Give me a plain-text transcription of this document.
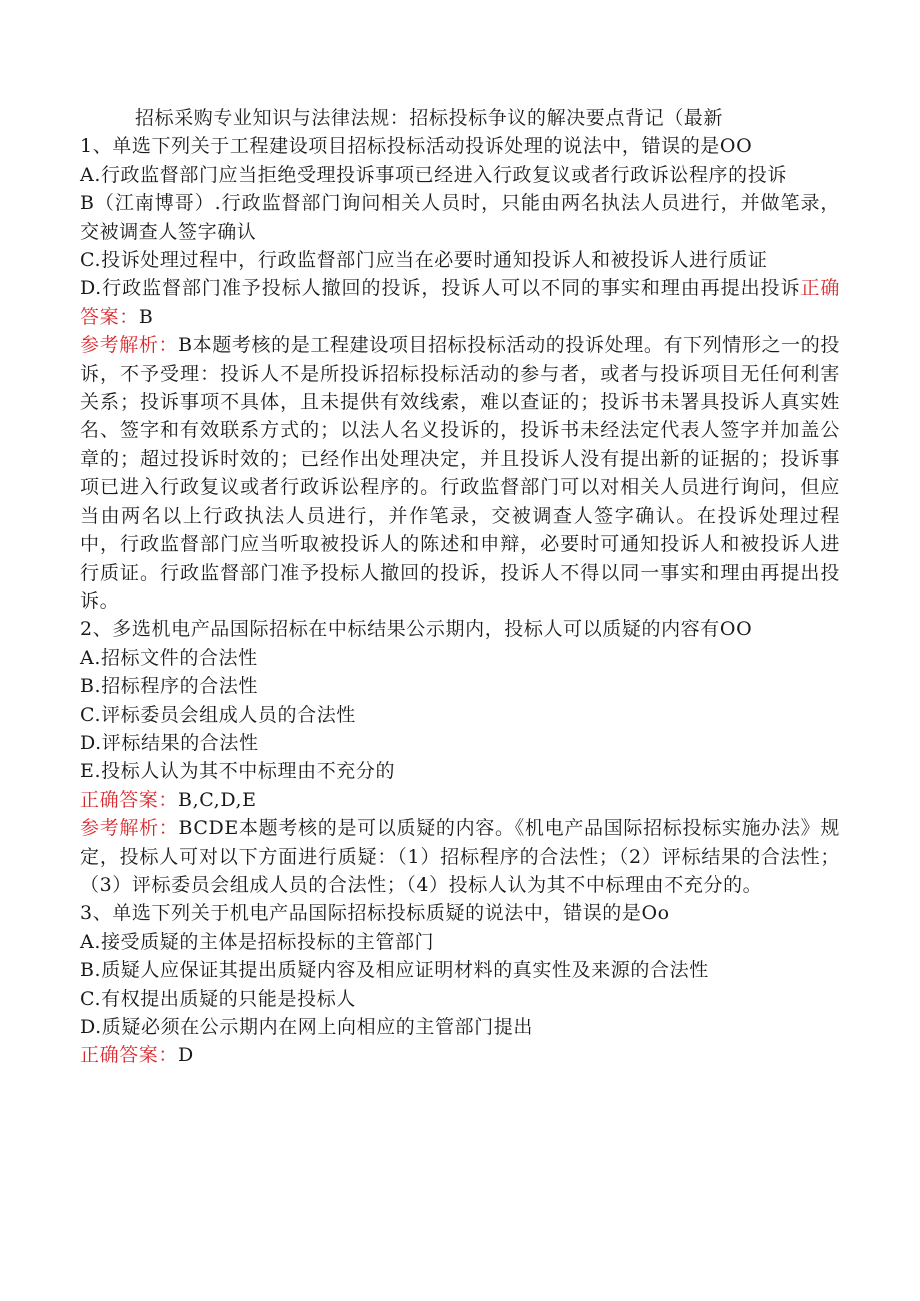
招标采购专业知识与法律法规：招标投标争议的解决要点背记（最新

1、单选下列关于工程建设项目招标投标活动投诉处理的说法中，错误的是OO

A.行政监督部门应当拒绝受理投诉事项已经进入行政复议或者行政诉讼程序的投诉

B（江南博哥）.行政监督部门询问相关人员时，只能由两名执法人员进行，并做笔录，交被调查人签字确认

C.投诉处理过程中，行政监督部门应当在必要时通知投诉人和被投诉人进行质证

D.行政监督部门准予投标人撤回的投诉，投诉人可以不同的事实和理由再提出投诉正确答案：B

参考解析：B本题考核的是工程建设项目招标投标活动的投诉处理。有下列情形之一的投诉，不予受理：投诉人不是所投诉招标投标活动的参与者，或者与投诉项目无任何利害关系；投诉事项不具体，且未提供有效线索，难以查证的；投诉书未署具投诉人真实姓名、签字和有效联系方式的；以法人名义投诉的，投诉书未经法定代表人签字并加盖公章的；超过投诉时效的；已经作出处理决定，并且投诉人没有提出新的证据的；投诉事项已进入行政复议或者行政诉讼程序的。行政监督部门可以对相关人员进行询问，但应当由两名以上行政执法人员进行，并作笔录，交被调查人签字确认。在投诉处理过程中，行政监督部门应当听取被投诉人的陈述和申辩，必要时可通知投诉人和被投诉人进行质证。行政监督部门准予投标人撤回的投诉，投诉人不得以同一事实和理由再提出投诉。

2、多选机电产品国际招标在中标结果公示期内，投标人可以质疑的内容有OO

A.招标文件的合法性

B.招标程序的合法性

C.评标委员会组成人员的合法性

D.评标结果的合法性

E.投标人认为其不中标理由不充分的

正确答案：B,C,D,E

参考解析：BCDE本题考核的是可以质疑的内容。《机电产品国际招标投标实施办法》规定，投标人可对以下方面进行质疑：（1）招标程序的合法性；（2）评标结果的合法性；（3）评标委员会组成人员的合法性；（4）投标人认为其不中标理由不充分的。

3、单选下列关于机电产品国际招标投标质疑的说法中，错误的是Oo

A.接受质疑的主体是招标投标的主管部门

B.质疑人应保证其提出质疑内容及相应证明材料的真实性及来源的合法性

C.有权提出质疑的只能是投标人

D.质疑必须在公示期内在网上向相应的主管部门提出

正确答案：D
